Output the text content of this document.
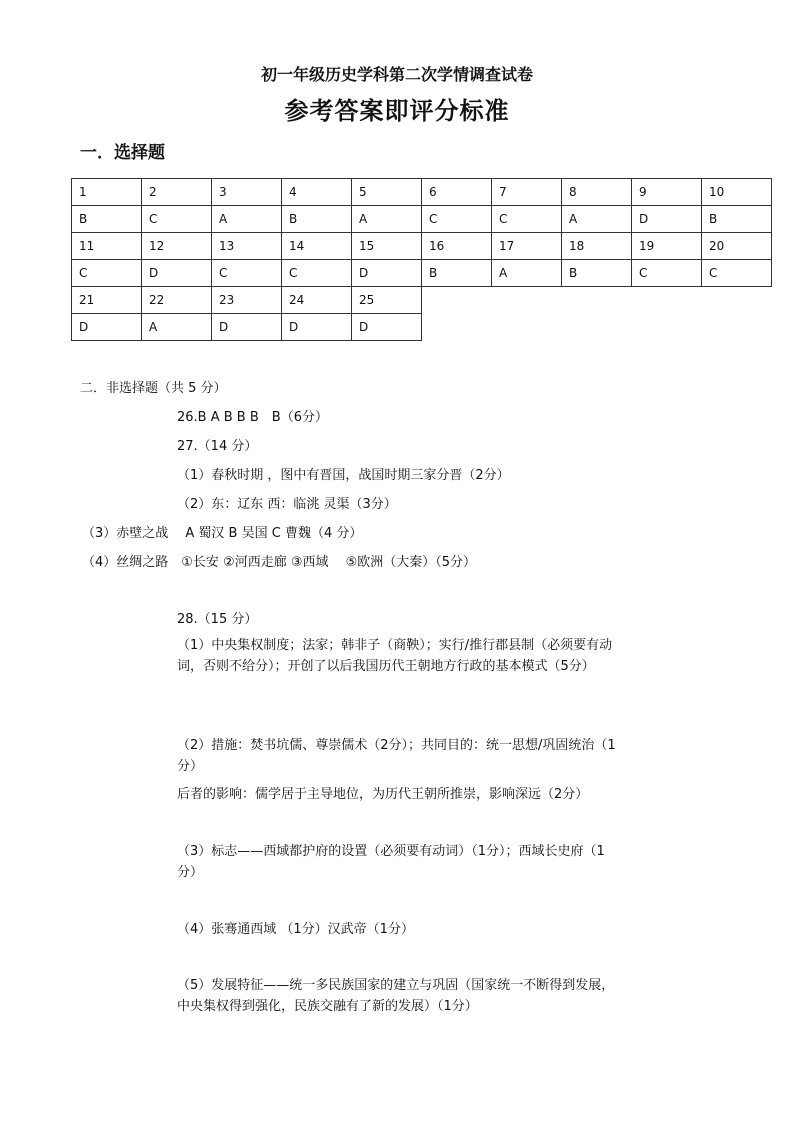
初一年级历史学科第二次学情调查试卷
参考答案即评分标准
一．选择题
1	2	3	4	5	6	7	8	9	10
B	C	A	B	A	C	C	A	D	B
11	12	13	14	15	16	17	18	19	20
C	D	C	C	D	B	A	B	C	C
21	22	23	24	25					
D	A	D	D	D					
二．非选择题（共 5 分）
26.B A B B B　B（6分）
27.（14 分）
（1）春秋时期 ，图中有晋国，战国时期三家分晋（2分）
（2）东：辽东 西：临洮 灵渠（3分）
（3）赤壁之战　 A 蜀汉 B 吴国 C 曹魏（4 分）
（4）丝绸之路　①长安 ②河西走廊 ③西域　 ⑤欧洲（大秦）（5分）
28.（15 分）
（1）中央集权制度；法家；韩非子（商鞅）；实行/推行郡县制（必须要有动词，否则不给分）；开创了以后我国历代王朝地方行政的基本模式（5分）
（2）措施：焚书坑儒、尊崇儒术（2分）；共同目的：统一思想/巩固统治（1分）
后者的影响：儒学居于主导地位，为历代王朝所推崇，影响深远（2分）
（3）标志——西域都护府的设置（必须要有动词）（1分）；西域长史府（1分）
（4）张骞通西域 （1分）汉武帝（1分）
（5）发展特征——统一多民族国家的建立与巩固（国家统一不断得到发展，中央集权得到强化，民族交融有了新的发展）（1分）
